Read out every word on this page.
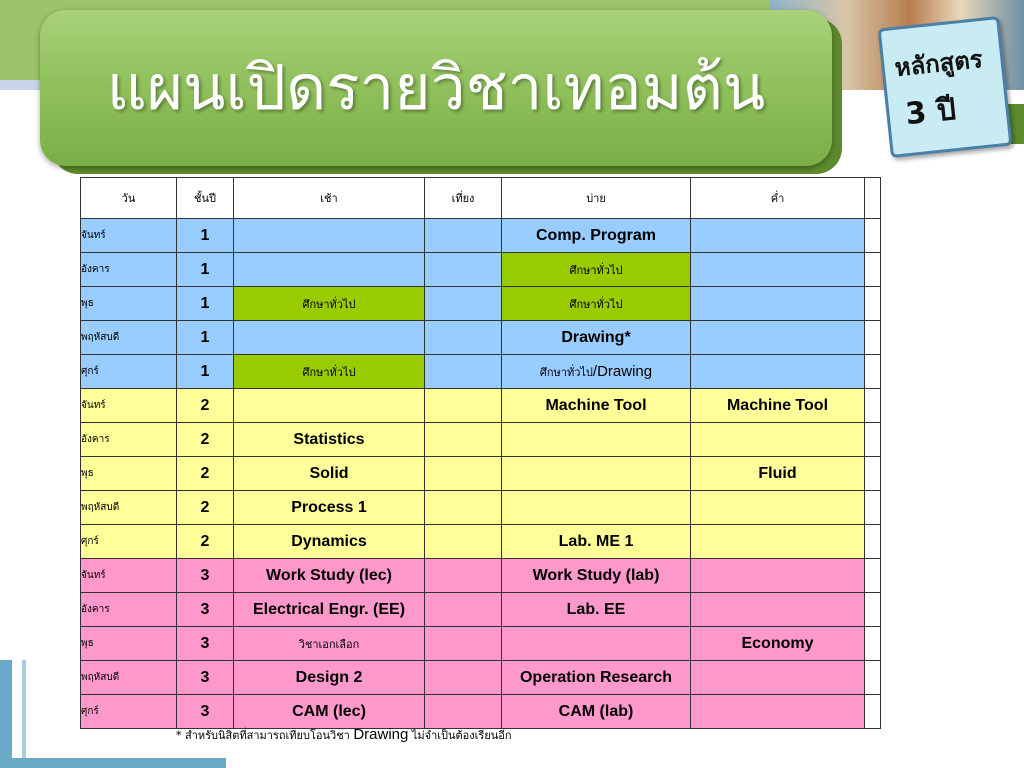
แผนเปิดรายวิชาเทอมต้น	หลักสูตร
3 ปี
วัน	ชั้นปี	เช้า	เที่ยง	บ่าย	ค่ำ	
จันทร์	1			Comp. Program		
อังคาร	1			ศึกษาทั่วไป		
พุธ	1	ศึกษาทั่วไป		ศึกษาทั่วไป		
พฤหัสบดี	1			Drawing*		
ศุกร์	1	ศึกษาทั่วไป		ศึกษาทั่วไป/Drawing		
จันทร์	2			Machine Tool	Machine Tool	
อังคาร	2	Statistics				
พุธ	2	Solid			Fluid	
พฤหัสบดี	2	Process 1				
ศุกร์	2	Dynamics		Lab. ME 1		
จันทร์	3	Work Study (lec)		Work Study (lab)		
อังคาร	3	Electrical Engr. (EE)		Lab. EE		
พุธ	3	วิชาเอกเลือก			Economy	
พฤหัสบดี	3	Design 2		Operation Research		
ศุกร์	3	CAM (lec)		CAM (lab)		
* สำหรับนิสิตที่สามารถเทียบโอนวิชา Drawing ไม่จำเป็นต้องเรียนอีก
